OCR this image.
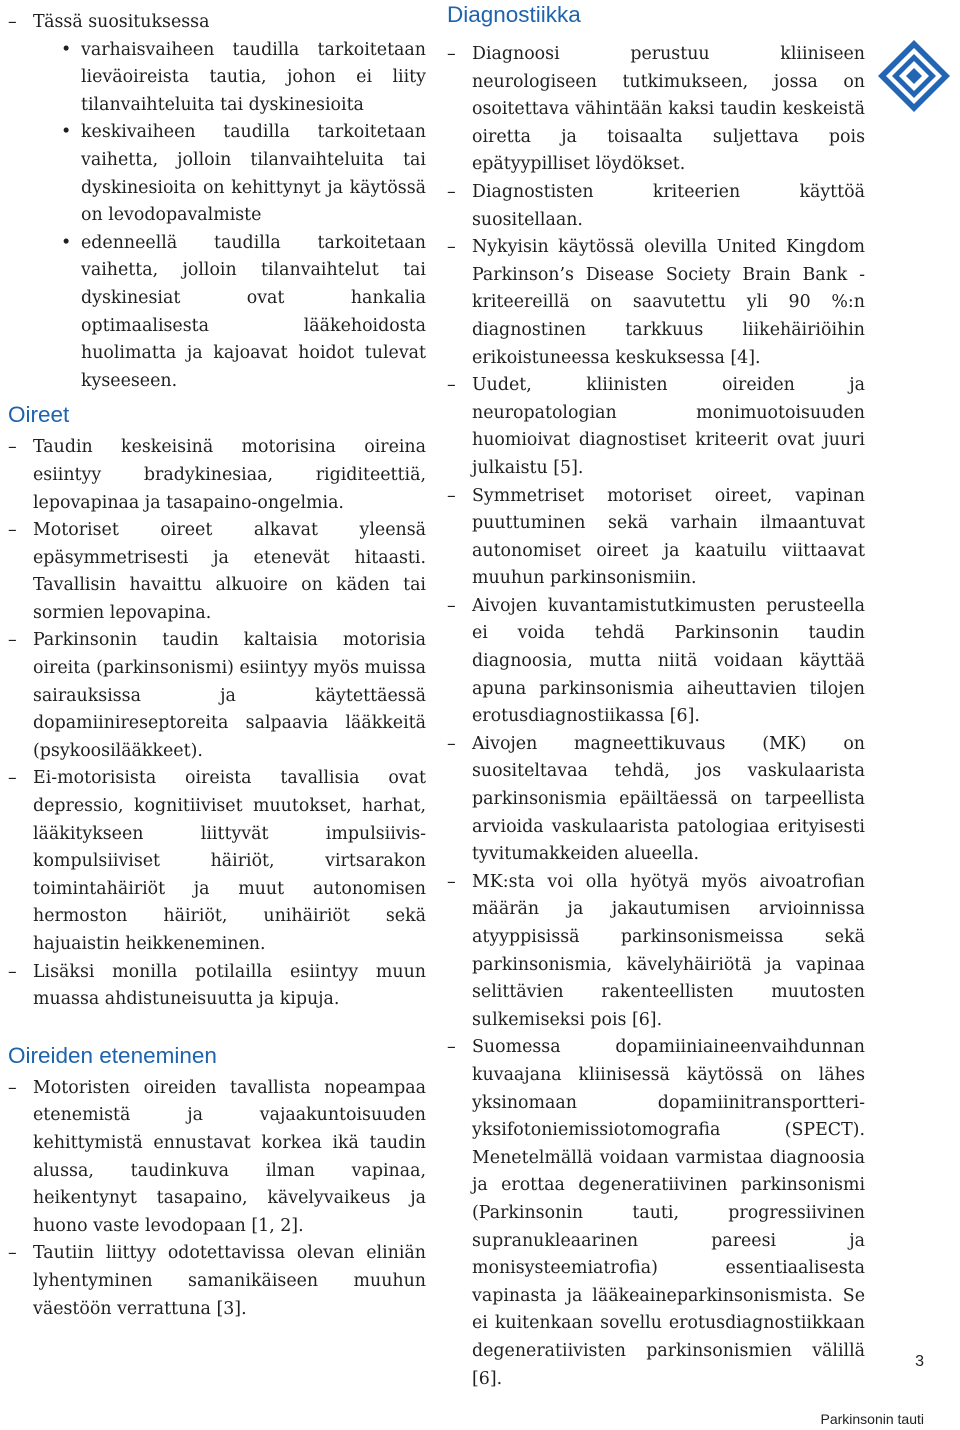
– Tässä suosituksessa
• varhaisvaiheen taudilla tarkoitetaan lieväoireista tautia, johon ei liity tilanvaihteluita tai dyskinesioita
• keskivaiheen taudilla tarkoitetaan vaihetta, jolloin tilanvaihteluita tai dyskinesioita on kehittynyt ja käytössä on levodopavalmiste
• edenneellä taudilla tarkoitetaan vaihetta, jolloin tilanvaihtelut tai dyskinesiat ovat hankalia optimaalisesta lääkehoidosta huolimatta ja kajoavat hoidot tulevat kyseeseen.
Oireet
– Taudin keskeisinä motorisina oireina esiintyy bradykinesiaa, rigiditeettiä, lepovapinaa ja tasapaino-ongelmia.
– Motoriset oireet alkavat yleensä epäsymmetrisesti ja etenevät hitaasti. Tavallisin havaittu alkuoire on käden tai sormien lepovapina.
– Parkinsonin taudin kaltaisia motorisia oireita (parkinsonismi) esiintyy myös muissa sairauksissa ja käytettäessä dopamiinireseptoreita salpaavia lääkkeitä (psykoosilääkkeet).
– Ei-motorisista oireista tavallisia ovat depressio, kognitiiviset muutokset, harhat, lääkitykseen liittyvät impulsiivis-kompulsiiviset häiriöt, virtsarakon toimintahäiriöt ja muut autonomisen hermoston häiriöt, unihäiriöt sekä hajuaistin heikkeneminen.
– Lisäksi monilla potilailla esiintyy muun muassa ahdistuneisuutta ja kipuja.
Oireiden eteneminen
– Motoristen oireiden tavallista nopeampaa etenemistä ja vajaakuntoisuuden kehittymistä ennustavat korkea ikä taudin alussa, taudinkuva ilman vapinaa, heikentynyt tasapaino, kävelyvaikeus ja huono vaste levodopaan [1, 2].
– Tautiin liittyy odotettavissa olevan eliniän lyhentyminen samanikäiseen muuhun väestöön verrattuna [3].
Diagnostiikka
– Diagnoosi perustuu kliiniseen neurologiseen tutkimukseen, jossa on osoitettava vähintään kaksi taudin keskeistä oiretta ja toisaalta suljettava pois epätyypilliset löydökset.
– Diagnostisten kriteerien käyttöä suositellaan.
– Nykyisin käytössä olevilla United Kingdom Parkinson’s Disease Society Brain Bank -kriteereillä on saavutettu yli 90 %:n diagnostinen tarkkuus liikehäiriöihin erikoistuneessa keskuksessa [4].
– Uudet, kliinisten oireiden ja neuropatologian monimuotoisuuden huomioivat diagnostiset kriteerit ovat juuri julkaistu [5].
– Symmetriset motoriset oireet, vapinan puuttuminen sekä varhain ilmaantuvat autonomiset oireet ja kaatuilu viittaavat muuhun parkinsonismiin.
– Aivojen kuvantamistutkimusten perusteella ei voida tehdä Parkinsonin taudin diagnoosia, mutta niitä voidaan käyttää apuna parkinsonismia aiheuttavien tilojen erotusdiagnostiikassa [6].
– Aivojen magneettikuvaus (MK) on suositeltavaa tehdä, jos vaskulaarista parkinsonismia epäiltäessä on tarpeellista arvioida vaskulaarista patologiaa erityisesti tyvitumakkeiden alueella.
– MK:sta voi olla hyötyä myös aivoatrofian määrän ja jakautumisen arvioinnissa atyyppisissä parkinsonismeissa sekä parkinsonismia, kävelyhäiriötä ja vapinaa selittävien rakenteellisten muutosten sulkemiseksi pois [6].
– Suomessa dopamiiniaineenvaihdunnan kuvaajana kliinisessä käytössä on lähes yksinomaan dopamiinitransportteri-yksifotoniemissiotomografia (SPECT). Menetelmällä voidaan varmistaa diagnoosia ja erottaa degeneratiivinen parkinsonismi (Parkinsonin tauti, progressiivinen supranukleaarinen pareesi ja monisysteemiatrofia) essentiaalisesta vapinasta ja lääkeaineparkinsonismista. Se ei kuitenkaan sovellu erotusdiagnostiikkaan degeneratiivisten parkinsonismien välillä [6].
3
Parkinsonin tauti
